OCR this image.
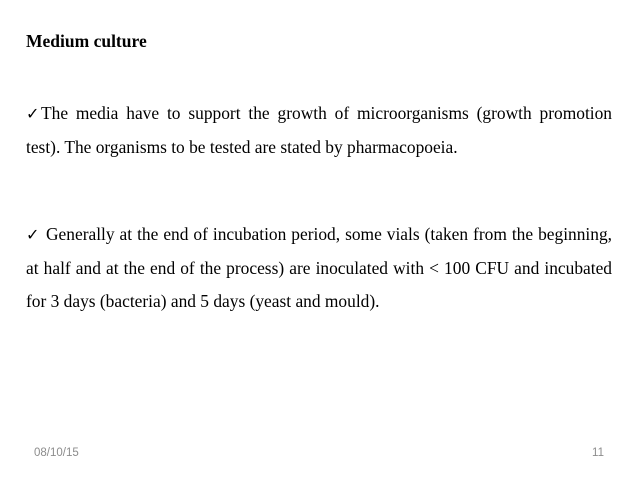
Medium culture
✓The media have to support the growth of microorganisms (growth promotion test). The organisms to be tested are stated by pharmacopoeia.
✓ Generally at the end of incubation period, some vials (taken from the beginning, at half and at the end of the process) are inoculated with < 100 CFU and incubated for 3 days (bacteria) and 5 days (yeast and mould).
08/10/15	11
